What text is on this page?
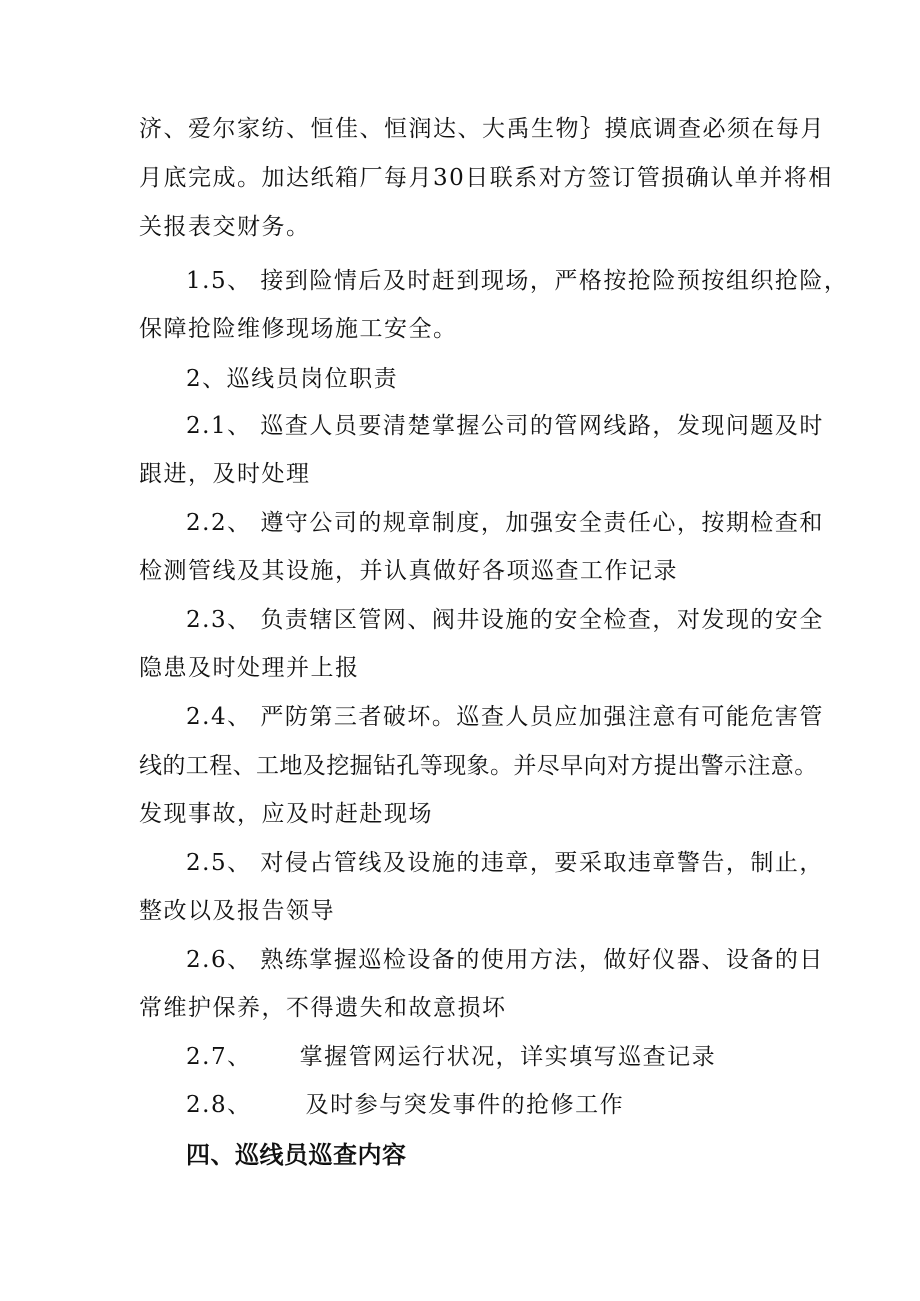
济、爱尔家纺、恒佳、恒润达、大禹生物｝摸底调查必须在每月
月底完成。加达纸箱厂每月30日联系对方签订管损确认单并将相
关报表交财务。
1.5、 接到险情后及时赶到现场，严格按抢险预按组织抢险，
保障抢险维修现场施工安全。
2、巡线员岗位职责
2.1、 巡查人员要清楚掌握公司的管网线路，发现问题及时
跟进，及时处理
2.2、 遵守公司的规章制度，加强安全责任心，按期检查和
检测管线及其设施，并认真做好各项巡查工作记录
2.3、 负责辖区管网、阀井设施的安全检查，对发现的安全
隐患及时处理并上报
2.4、 严防第三者破坏。巡查人员应加强注意有可能危害管
线的工程、工地及挖掘钻孔等现象。并尽早向对方提出警示注意。
发现事故，应及时赶赴现场
2.5、 对侵占管线及设施的违章，要采取违章警告，制止，
整改以及报告领导
2.6、 熟练掌握巡检设备的使用方法，做好仪器、设备的日
常维护保养，不得遗失和故意损坏
2.7、 掌握管网运行状况，详实填写巡查记录
2.8、 及时参与突发事件的抢修工作
四、巡线员巡查内容
